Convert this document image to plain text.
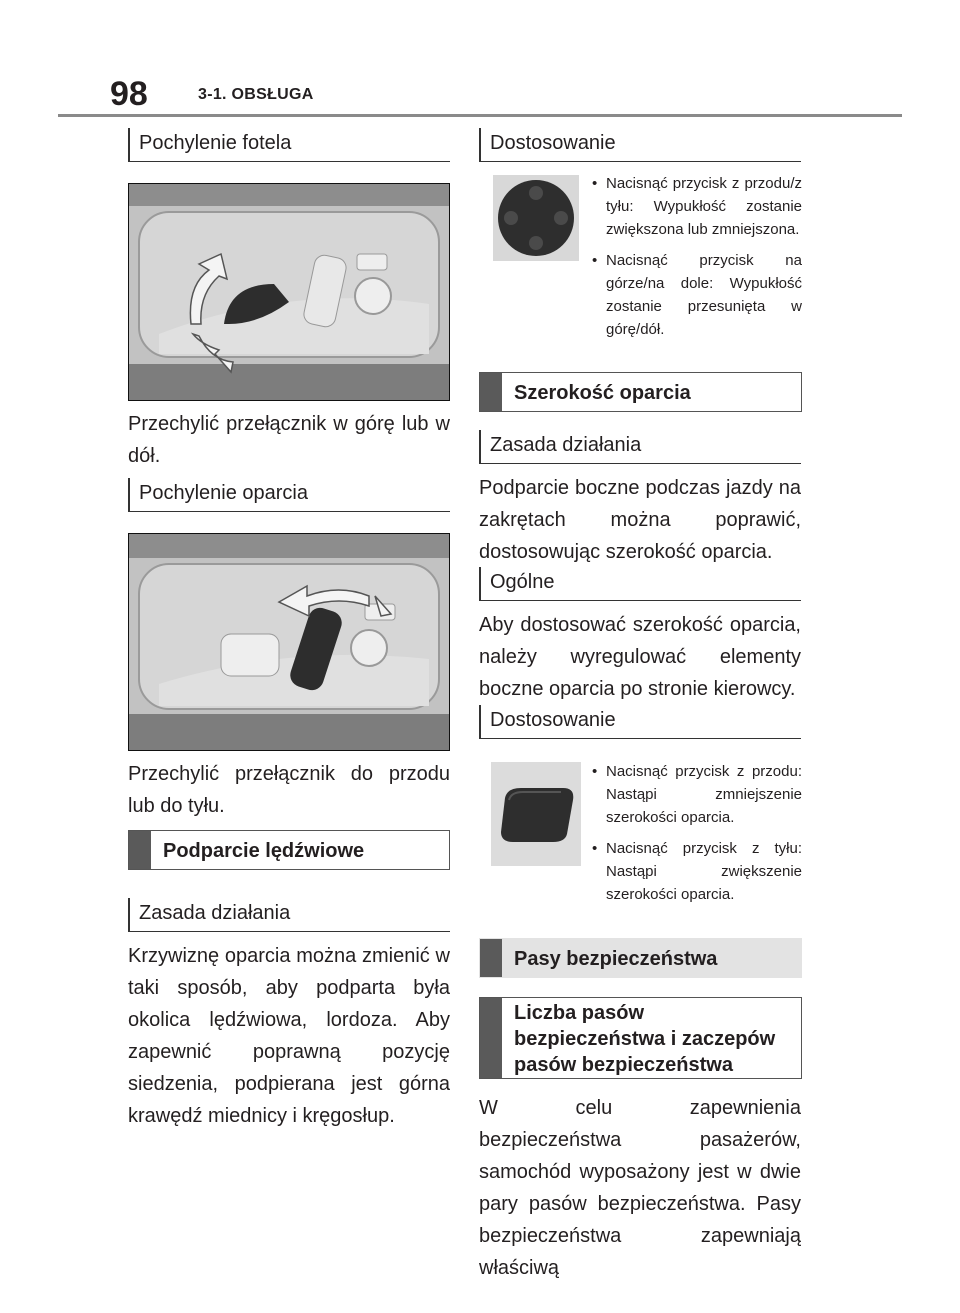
98	3-1. OBSŁUGA
Pochylenie fotela
Przechylić przełącznik w górę lub w dół.
Pochylenie oparcia
Przechylić przełącznik do przodu lub do tyłu.
Podparcie lędźwiowe
Zasada działania
Krzywiznę oparcia można zmienić w taki sposób, aby podparta była okolica lędźwiowa, lordoza. Aby zapewnić poprawną pozycję siedzenia, podpierana jest górna krawędź miednicy i kręgosłup.
Dostosowanie
• Nacisnąć przycisk z przodu/z tyłu: Wypukłość zostanie zwiększona lub zmniejszona.
• Nacisnąć przycisk na górze/na dole: Wypukłość zostanie przesunięta w górę/dół.
Szerokość oparcia
Zasada działania
Podparcie boczne podczas jazdy na zakrętach można poprawić, dostosowując szerokość oparcia.
Ogólne
Aby dostosować szerokość oparcia, należy wyregulować elementy boczne oparcia po stronie kierowcy.
Dostosowanie
• Nacisnąć przycisk z przodu: Nastąpi zmniejszenie szerokości oparcia.
• Nacisnąć przycisk z tyłu: Nastąpi zwiększenie szerokości oparcia.
Pasy bezpieczeństwa
Liczba pasów bezpieczeństwa i zaczepów pasów bezpieczeństwa
W celu zapewnienia bezpieczeństwa pasażerów, samochód wyposażony jest w dwie pary pasów bezpieczeństwa. Pasy bezpieczeństwa zapewniają właściwą
